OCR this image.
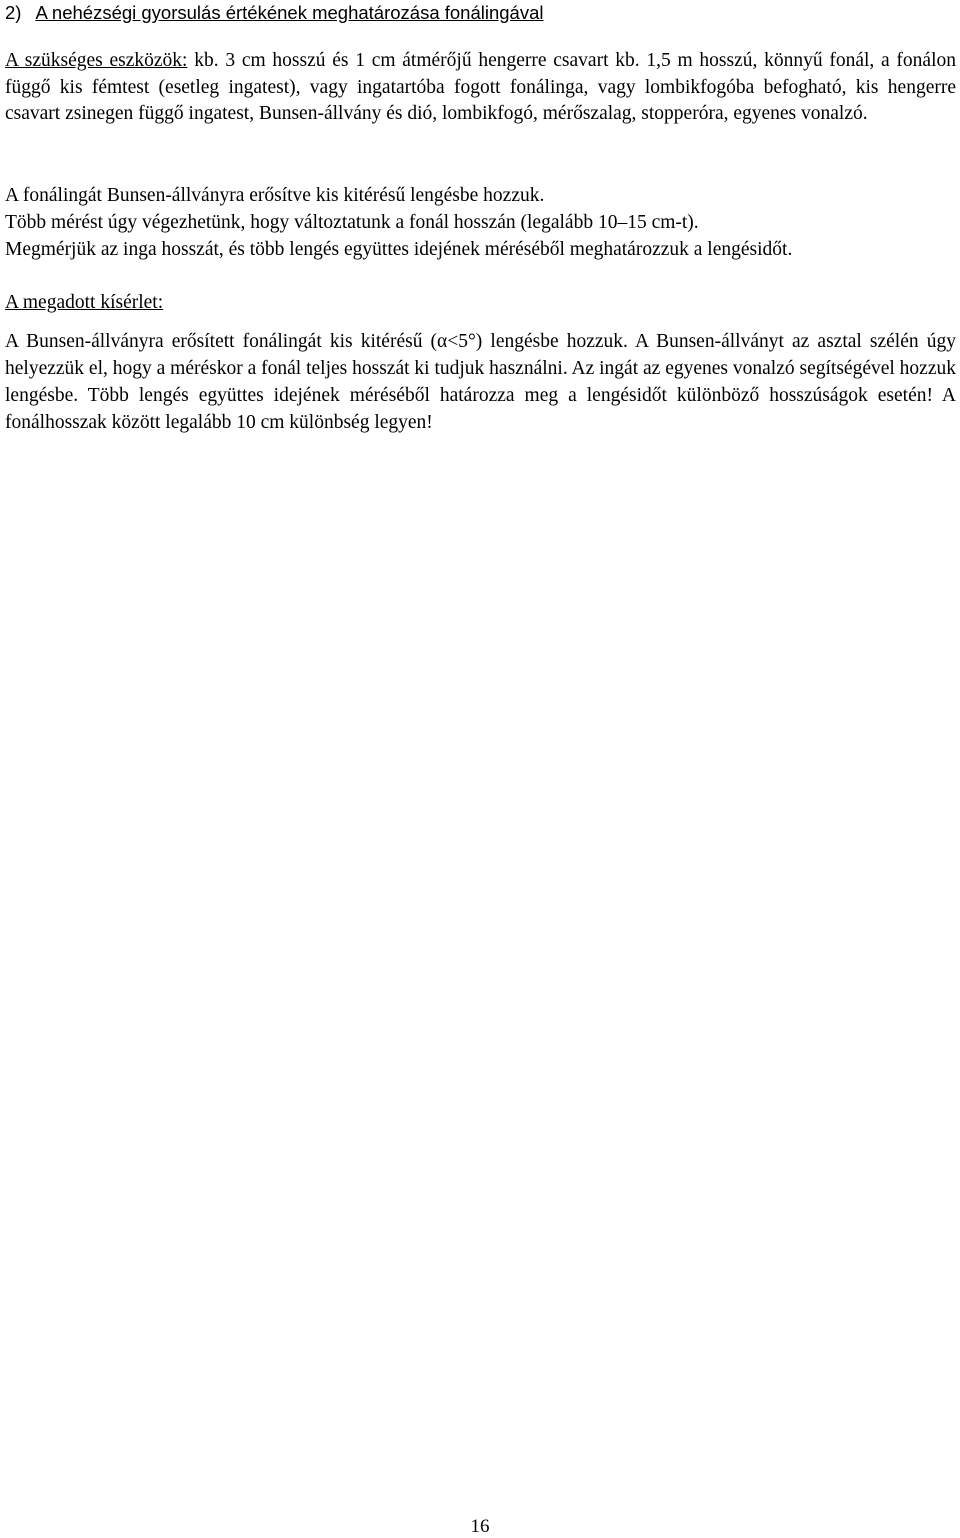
2) A nehézségi gyorsulás értékének meghatározása fonálingával
A szükséges eszközök: kb. 3 cm hosszú és 1 cm átmérőjű hengerre csavart kb. 1,5 m hosszú, könnyű fonál, a fonálon függő kis fémtest (esetleg ingatest), vagy ingatartóba fogott fonálinga, vagy lombikfogóba befogható, kis hengerre csavart zsinegen függő ingatest, Bunsen-állvány és dió, lombikfogó, mérőszalag, stopperóra, egyenes vonalzó.

A fonálingát Bunsen-állványra erősítve kis kitérésű lengésbe hozzuk.

Több mérést úgy végezhetünk, hogy változtatunk a fonál hosszán (legalább 10–15 cm-t).

Megmérjük az inga hosszát, és több lengés együttes idejének méréséből meghatározzuk a lengésidőt.

A megadott kísérlet:
A Bunsen-állványra erősített fonálingát kis kitérésű (α<5°) lengésbe hozzuk. A Bunsen-állványt az asztal szélén úgy helyezzük el, hogy a méréskor a fonál teljes hosszát ki tudjuk használni. Az ingát az egyenes vonalzó segítségével hozzuk lengésbe. Több lengés együttes idejének méréséből határozza meg a lengésidőt különböző hosszúságok esetén! A fonálhosszak között legalább 10 cm különbség legyen!
16
